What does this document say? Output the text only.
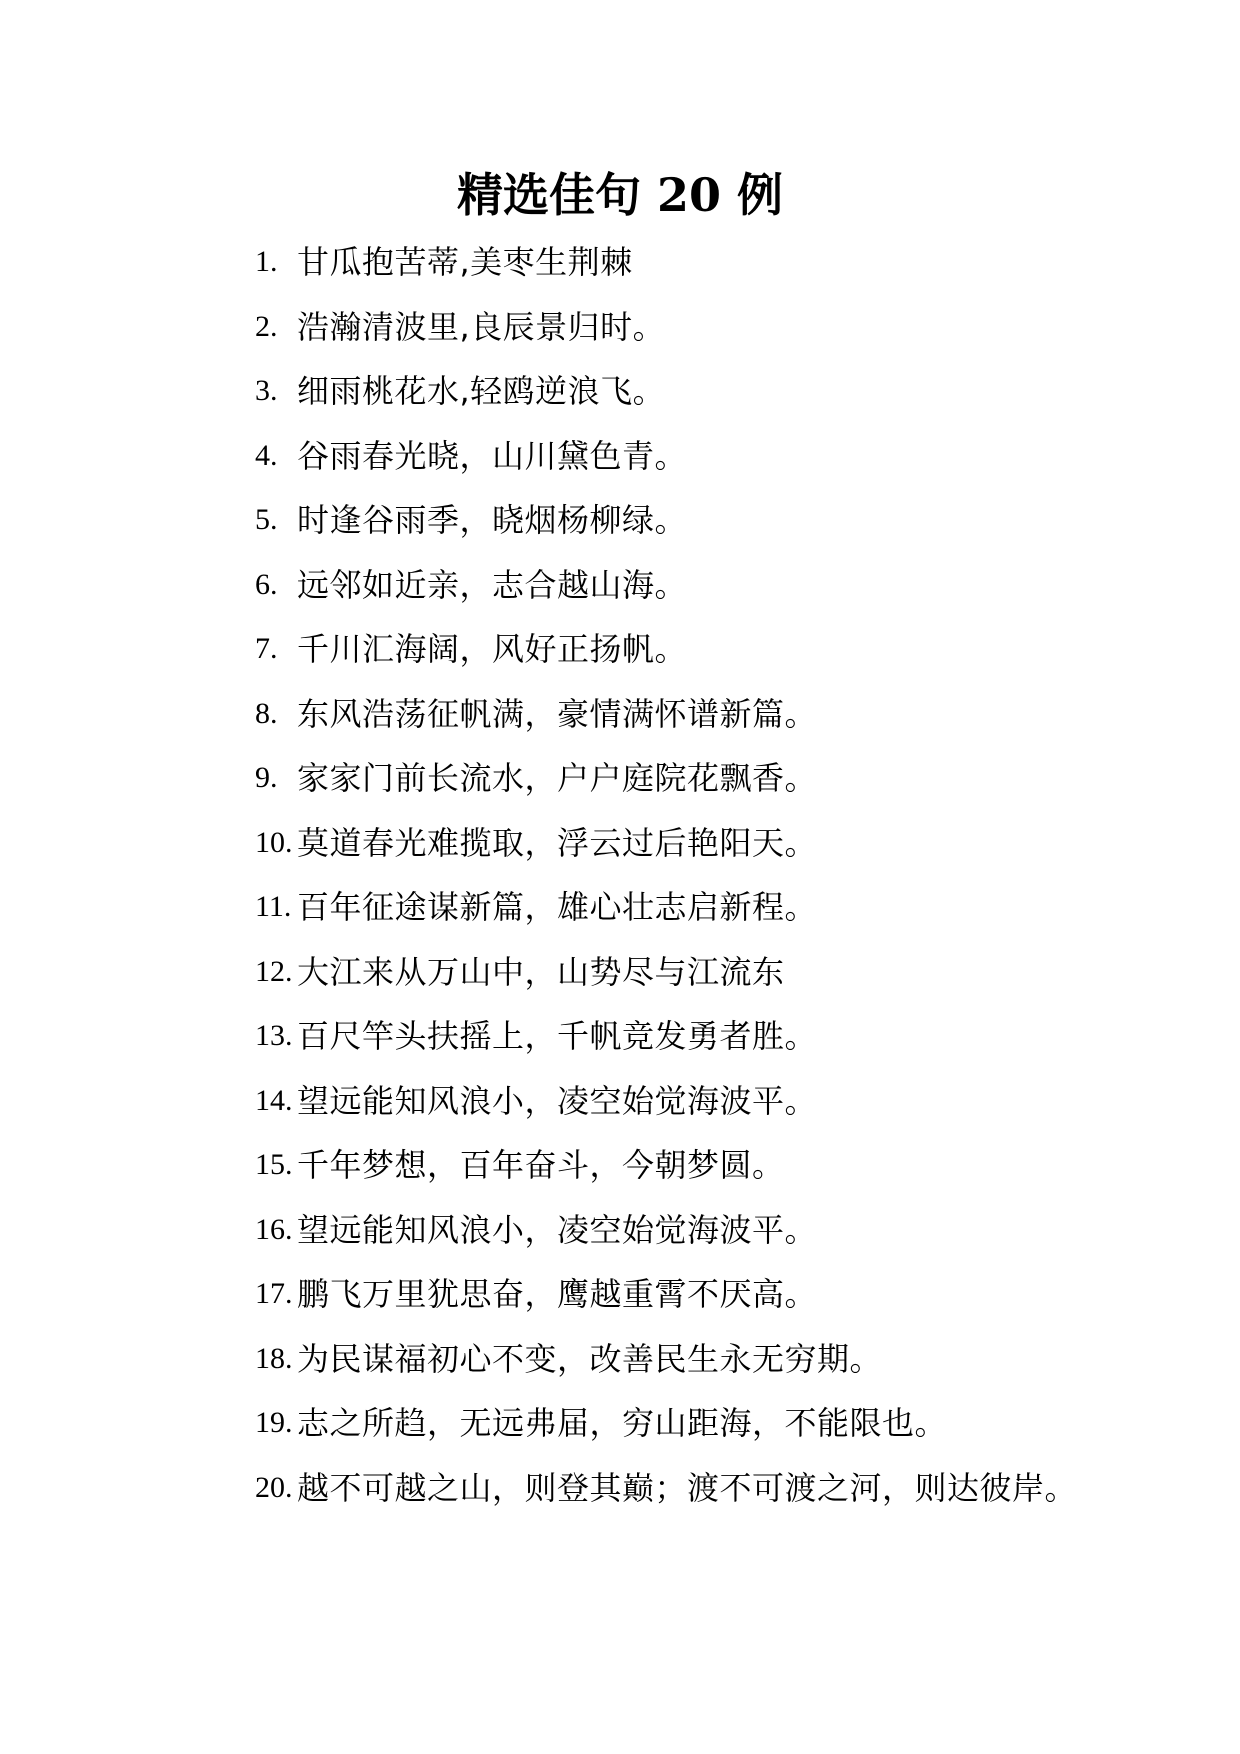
精选佳句 20 例
1. 甘瓜抱苦蒂,美枣生荆棘
2. 浩瀚清波里,良辰景归时。
3. 细雨桃花水,轻鸥逆浪飞。
4. 谷雨春光晓，山川黛色青。
5. 时逢谷雨季，晓烟杨柳绿。
6. 远邻如近亲，志合越山海。
7. 千川汇海阔，风好正扬帆。
8. 东风浩荡征帆满，豪情满怀谱新篇。
9. 家家门前长流水，户户庭院花飘香。
10. 莫道春光难揽取，浮云过后艳阳天。
11. 百年征途谋新篇，雄心壮志启新程。
12. 大江来从万山中，山势尽与江流东
13. 百尺竿头扶摇上，千帆竞发勇者胜。
14. 望远能知风浪小，凌空始觉海波平。
15. 千年梦想，百年奋斗，今朝梦圆。
16. 望远能知风浪小，凌空始觉海波平。
17. 鹏飞万里犹思奋，鹰越重霄不厌高。
18. 为民谋福初心不变，改善民生永无穷期。
19. 志之所趋，无远弗届，穷山距海，不能限也。
20. 越不可越之山，则登其巅；渡不可渡之河，则达彼岸。
